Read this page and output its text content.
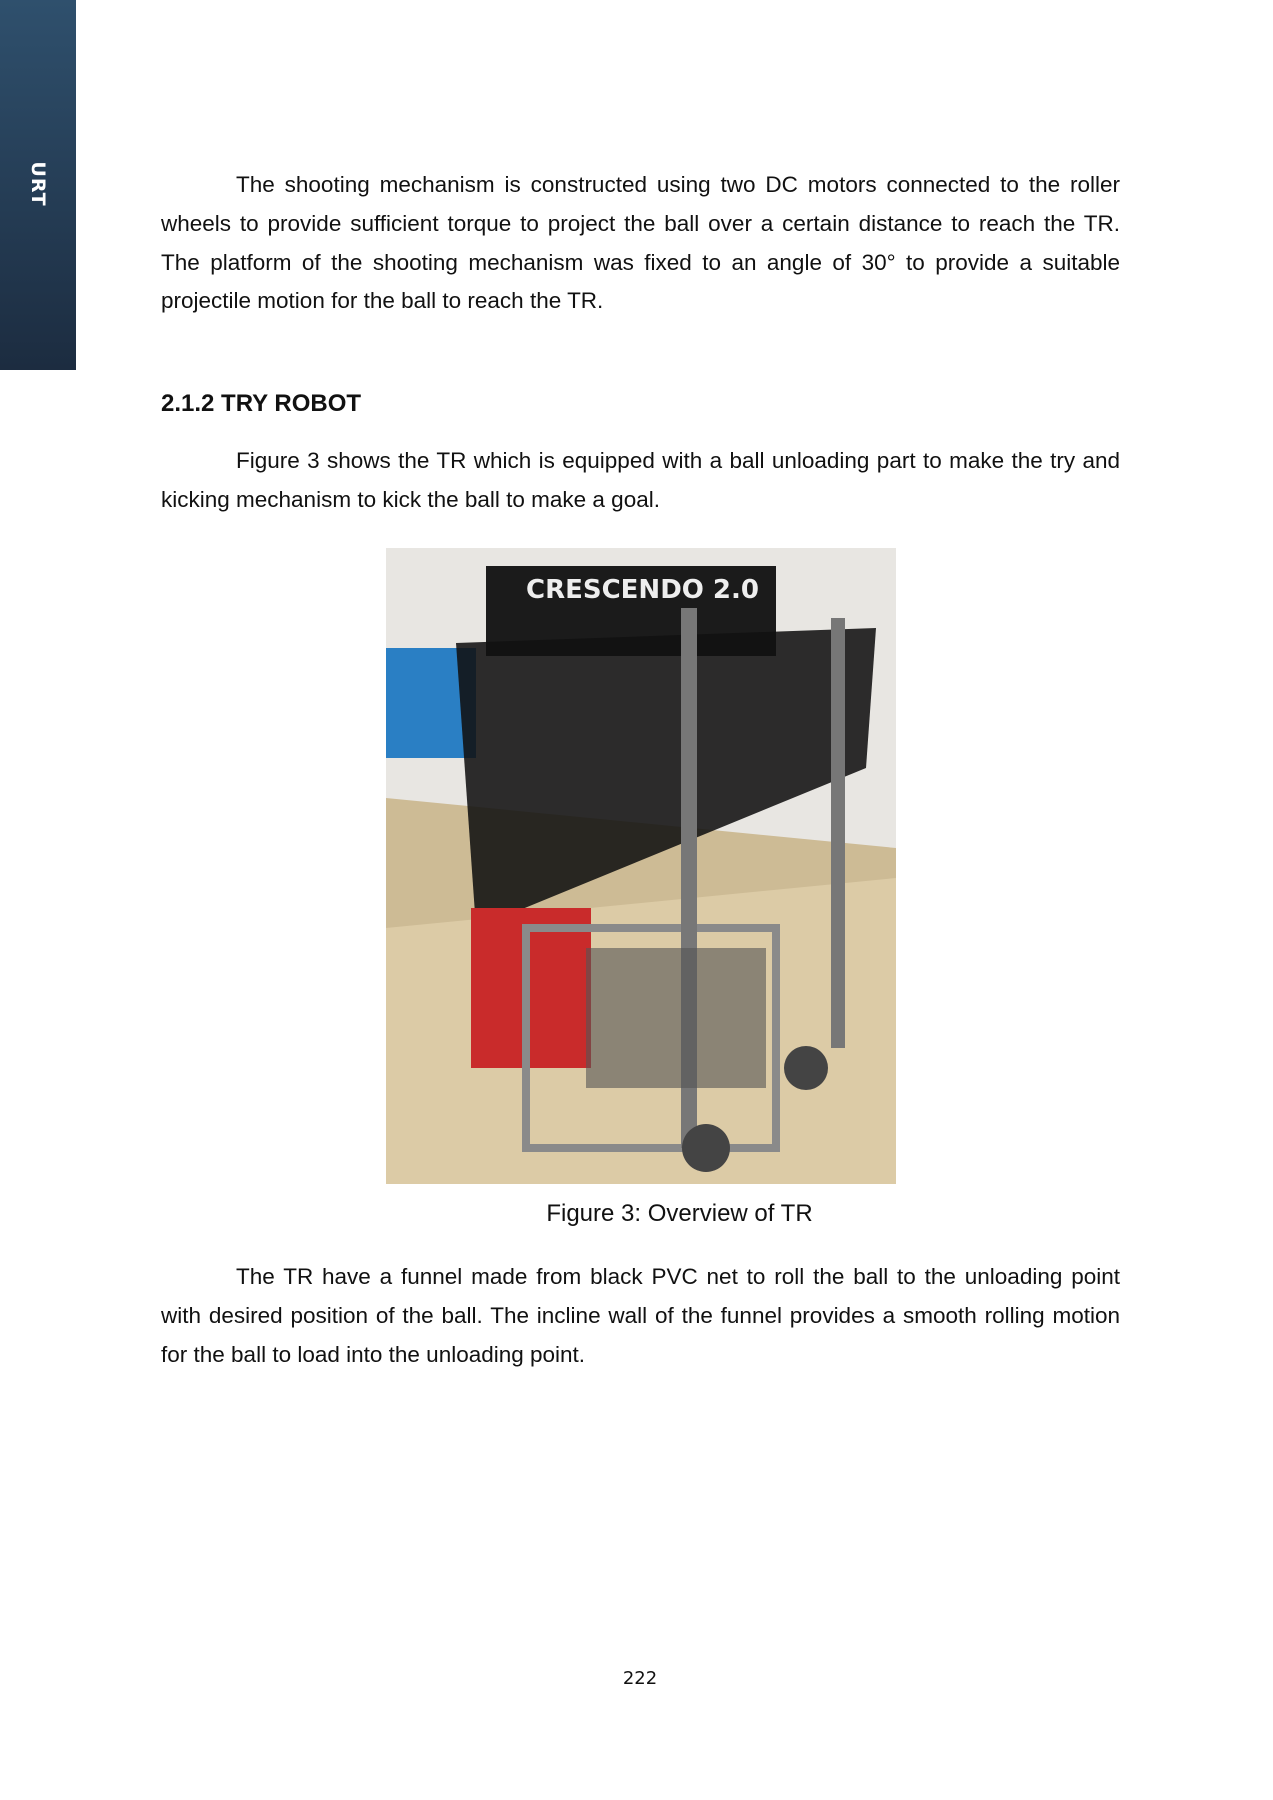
URT	The shooting mechanism is constructed using two DC motors connected to the roller wheels to provide sufficient torque to project the ball over a certain distance to reach the TR. The platform of the shooting mechanism was fixed to an angle of 30° to provide a suitable projectile motion for the ball to reach the TR.

2.1.2 TRY ROBOT

Figure 3 shows the TR which is equipped with a ball unloading part to make the try and kicking mechanism to kick the ball to make a goal.

CRESCENDO 2.0
Figure 3: Overview of TR

The TR have a funnel made from black PVC net to roll the ball to the unloading point with desired position of the ball. The incline wall of the funnel provides a smooth rolling motion for the ball to load into the unloading point.

222
